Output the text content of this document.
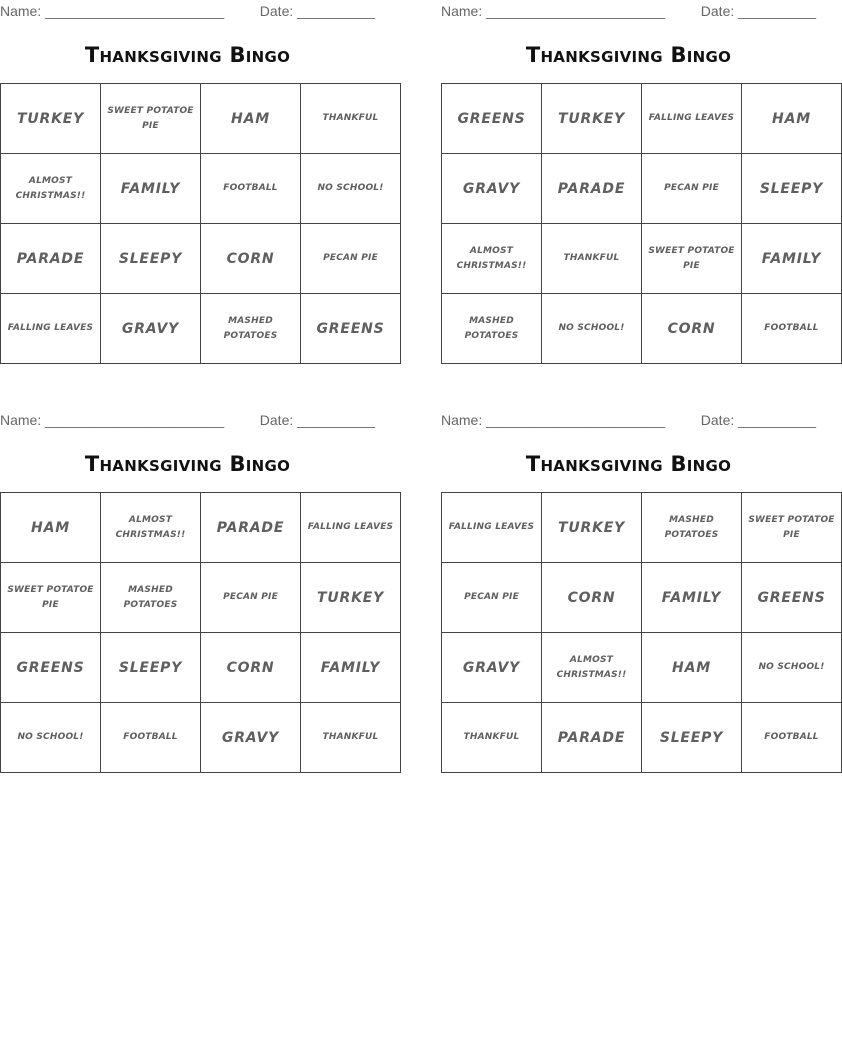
Name: _______________________	Date: __________
Thanksgiving Bingo
TURKEY	SWEET POTATOE PIE	HAM	THANKFUL
ALMOST CHRISTMAS!!	FAMILY	FOOTBALL	NO SCHOOL!
PARADE	SLEEPY	CORN	PECAN PIE
FALLING LEAVES	GRAVY	MASHED POTATOES	GREENS
Name: _______________________	Date: __________
Thanksgiving Bingo
GREENS	TURKEY	FALLING LEAVES	HAM
GRAVY	PARADE	PECAN PIE	SLEEPY
ALMOST CHRISTMAS!!	THANKFUL	SWEET POTATOE PIE	FAMILY
MASHED POTATOES	NO SCHOOL!	CORN	FOOTBALL
Name: _______________________	Date: __________
Thanksgiving Bingo
HAM	ALMOST CHRISTMAS!!	PARADE	FALLING LEAVES
SWEET POTATOE PIE	MASHED POTATOES	PECAN PIE	TURKEY
GREENS	SLEEPY	CORN	FAMILY
NO SCHOOL!	FOOTBALL	GRAVY	THANKFUL
Name: _______________________	Date: __________
Thanksgiving Bingo
FALLING LEAVES	TURKEY	MASHED POTATOES	SWEET POTATOE PIE
PECAN PIE	CORN	FAMILY	GREENS
GRAVY	ALMOST CHRISTMAS!!	HAM	NO SCHOOL!
THANKFUL	PARADE	SLEEPY	FOOTBALL
